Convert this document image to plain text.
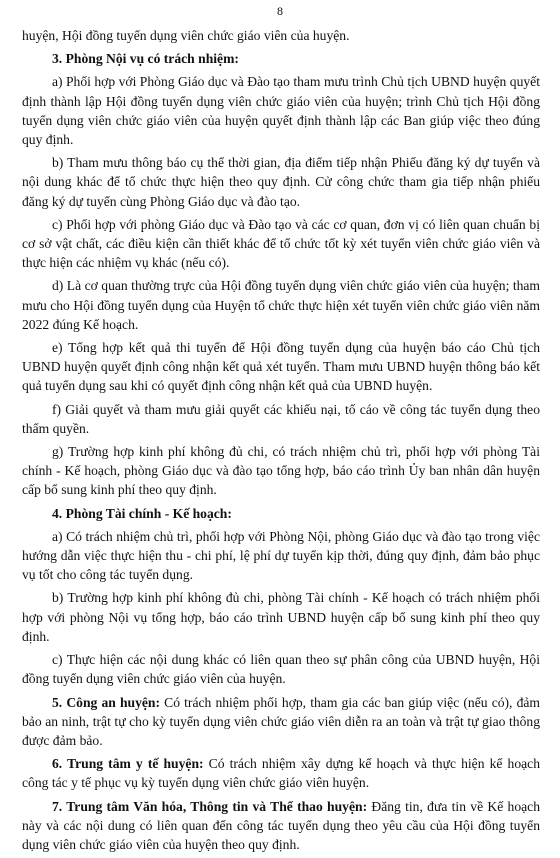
8

huyện, Hội đồng tuyển dụng viên chức giáo viên của huyện.

3. Phòng Nội vụ có trách nhiệm:

a) Phối hợp với Phòng Giáo dục và Đào tạo tham mưu trình Chủ tịch UBND huyện quyết định thành lập Hội đồng tuyển dụng viên chức giáo viên của huyện; trình Chủ tịch Hội đồng tuyển dụng viên chức giáo viên của huyện quyết định thành lập các Ban giúp việc theo đúng quy định.

b) Tham mưu thông báo cụ thể thời gian, địa điểm tiếp nhận Phiếu đăng ký dự tuyển và nội dung khác để tổ chức thực hiện theo quy định. Cử công chức tham gia tiếp nhận phiếu đăng ký dự tuyển cùng Phòng Giáo dục và đào tạo.

c) Phối hợp với phòng Giáo dục và Đào tạo và các cơ quan, đơn vị có liên quan chuẩn bị cơ sở vật chất, các điều kiện cần thiết khác để tổ chức tốt kỳ xét tuyển viên chức giáo viên và thực hiện các nhiệm vụ khác (nếu có).

d) Là cơ quan thường trực của Hội đồng tuyển dụng viên chức giáo viên của huyện; tham mưu cho Hội đồng tuyển dụng của Huyện tổ chức thực hiện xét tuyển viên chức giáo viên năm 2022 đúng Kế hoạch.

e) Tổng hợp kết quả thi tuyển để Hội đồng tuyển dụng của huyện báo cáo Chủ tịch UBND huyện quyết định công nhận kết quả xét tuyển. Tham mưu UBND huyện thông báo kết quả tuyển dụng sau khi có quyết định công nhận kết quả của UBND huyện.

f) Giải quyết và tham mưu giải quyết các khiếu nại, tố cáo về công tác tuyển dụng theo thẩm quyền.

g) Trường hợp kinh phí không đủ chi, có trách nhiệm chủ trì, phối hợp với phòng Tài chính - Kế hoạch, phòng Giáo dục và đào tạo tổng hợp, báo cáo trình Ủy ban nhân dân huyện cấp bổ sung kinh phí theo quy định.

4. Phòng Tài chính - Kế hoạch:

a) Có trách nhiệm chủ trì, phối hợp với Phòng Nội, phòng Giáo dục và đào tạo trong việc hướng dẫn việc thực hiện thu - chi phí, lệ phí dự tuyển kịp thời, đúng quy định, đảm bảo phục vụ tốt cho công tác tuyển dụng.

b) Trường hợp kinh phí không đủ chi, phòng Tài chính - Kế hoạch có trách nhiệm phối hợp với phòng Nội vụ tổng hợp, báo cáo trình UBND huyện cấp bổ sung kinh phí theo quy định.

c) Thực hiện các nội dung khác có liên quan theo sự phân công của UBND huyện, Hội đồng tuyển dụng viên chức giáo viên của huyện.

5. Công an huyện: Có trách nhiệm phối hợp, tham gia các ban giúp việc (nếu có), đảm bảo an ninh, trật tự cho kỳ tuyển dụng viên chức giáo viên diễn ra an toàn và trật tự giao thông được đảm bảo.

6. Trung tâm y tế huyện: Có trách nhiệm xây dựng kế hoạch và thực hiện kế hoạch công tác y tế phục vụ kỳ tuyển dụng viên chức giáo viên huyện.

7. Trung tâm Văn hóa, Thông tin và Thể thao huyện: Đăng tin, đưa tin về Kế hoạch này và các nội dung có liên quan đến công tác tuyển dụng theo yêu cầu của Hội đồng tuyển dụng viên chức giáo viên của huyện theo quy định.
